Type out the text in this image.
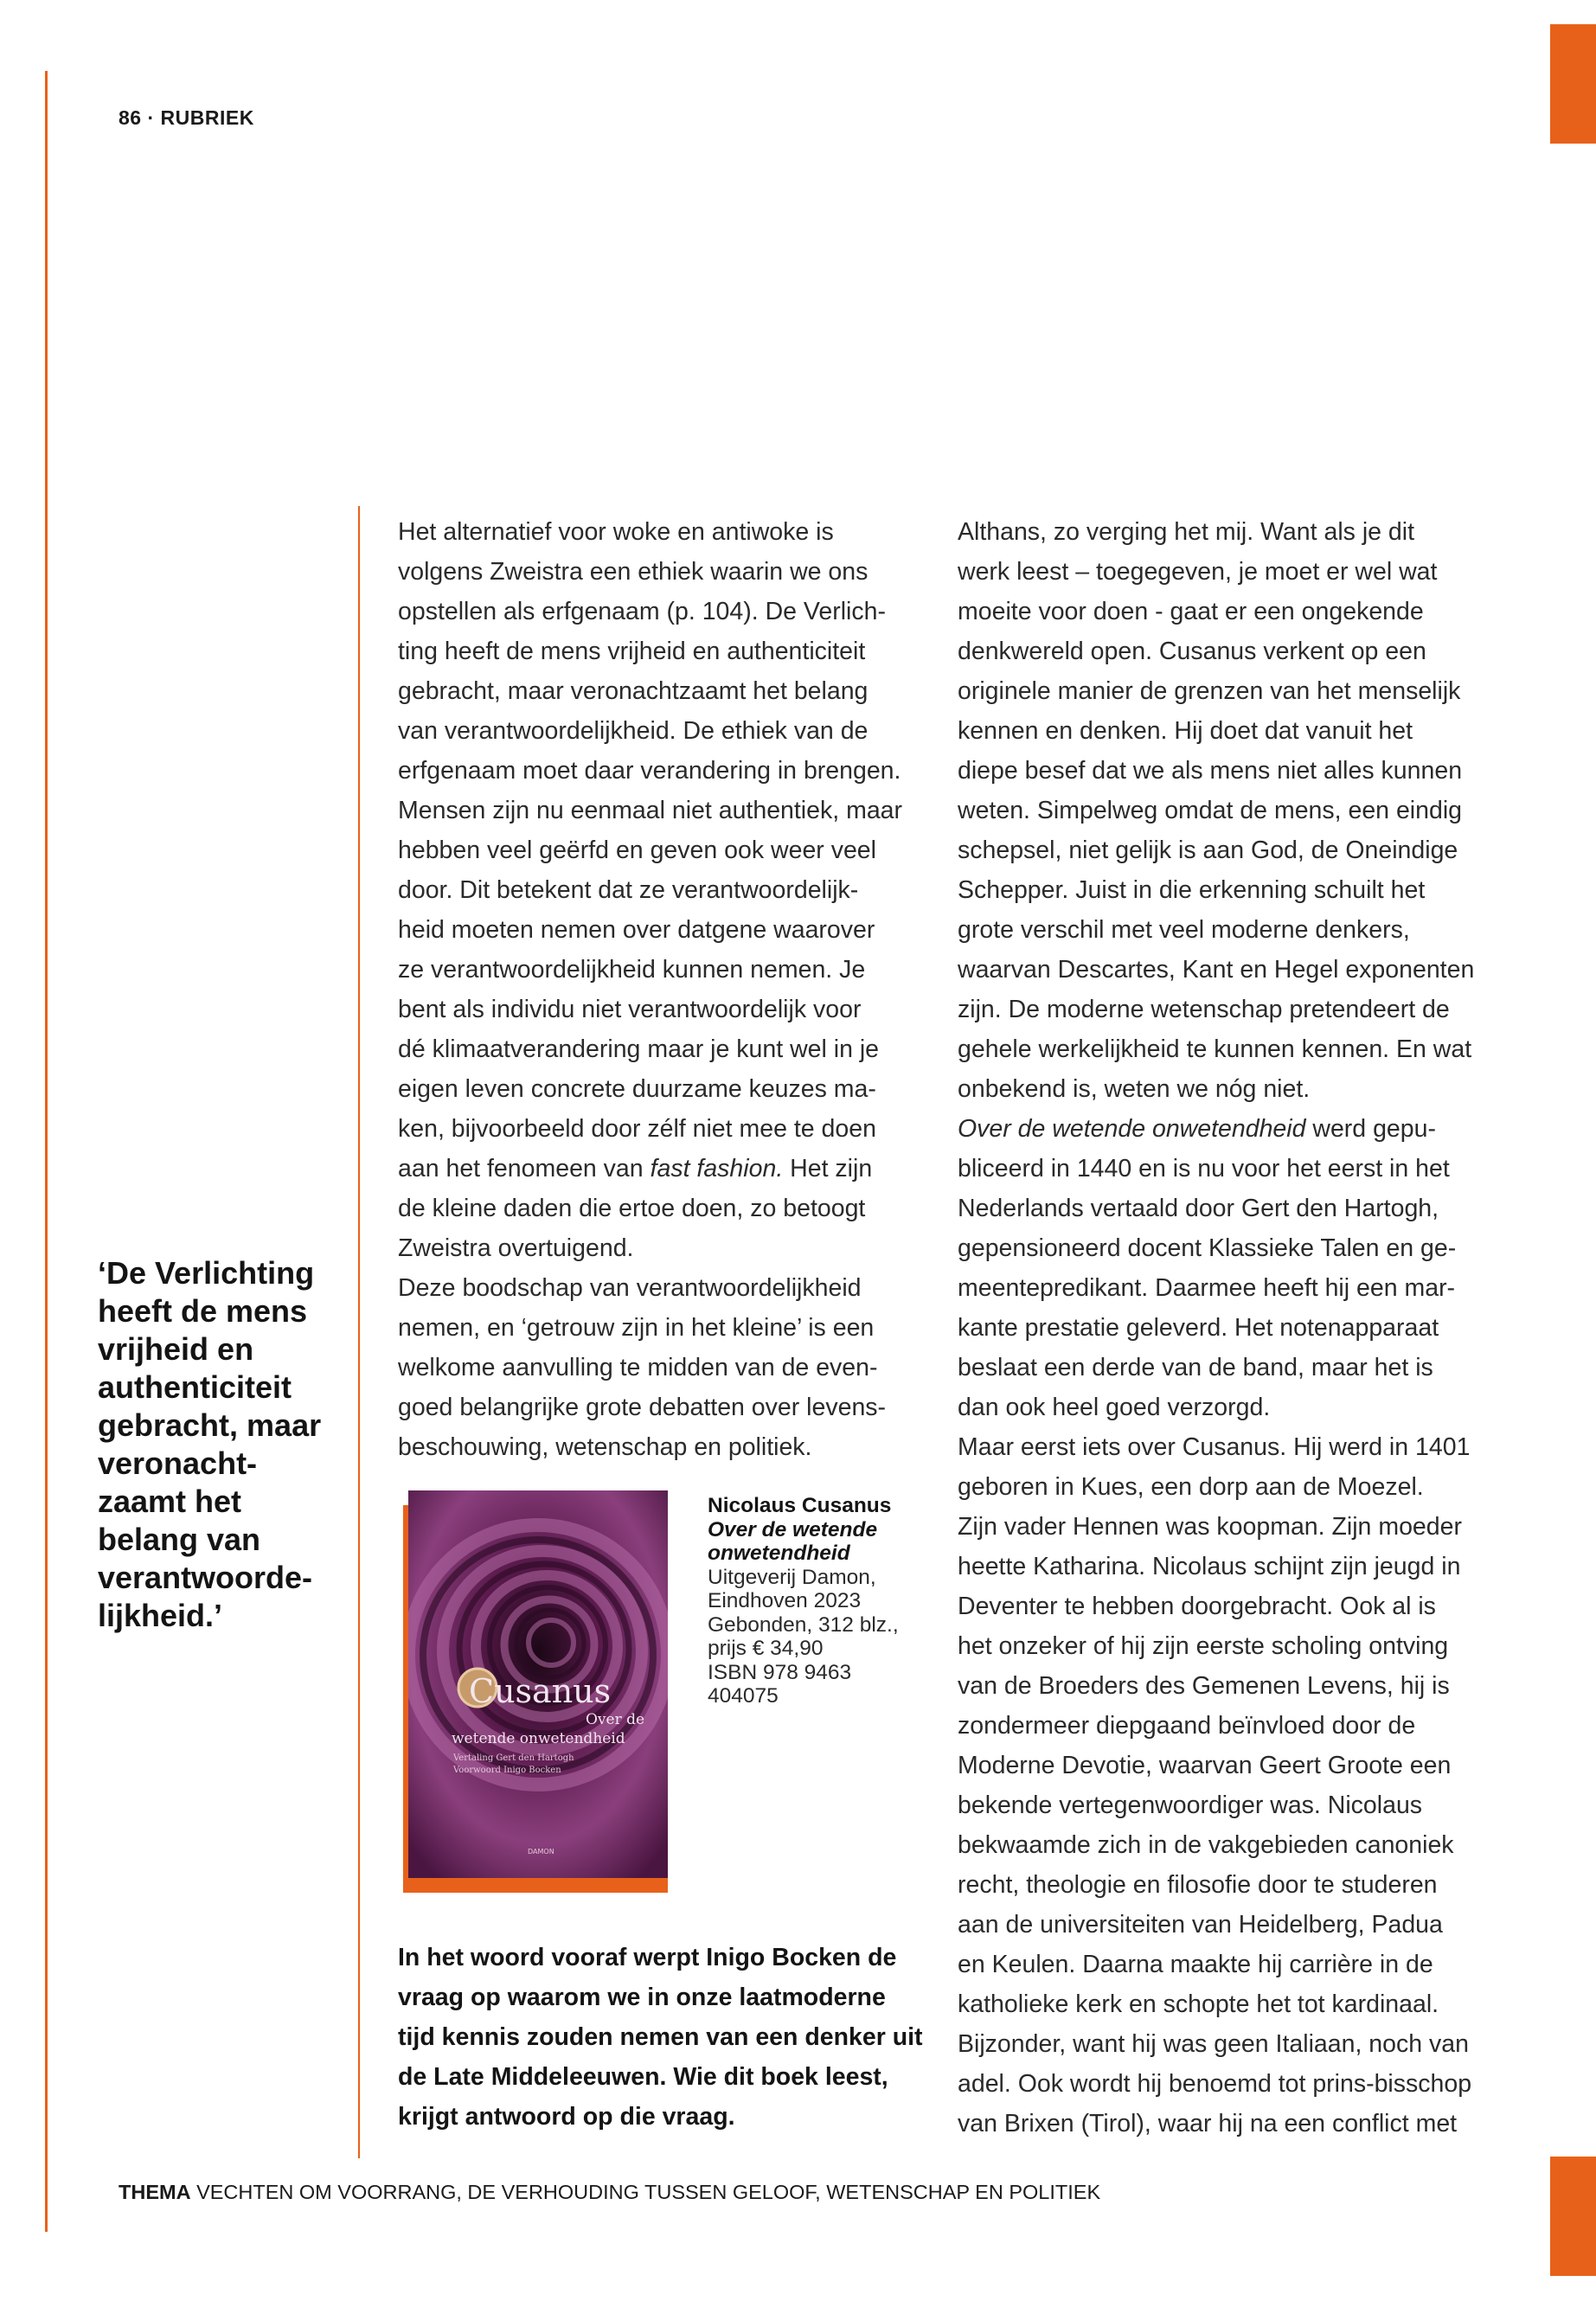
86 · RUBRIEK
‘De Verlichting
heeft de mens
vrijheid en
authenticiteit
gebracht, maar
veronacht-
zaamt het
belang van
verantwoorde-
lijkheid.’
Het alternatief voor woke en antiwoke is
volgens Zweistra een ethiek waarin we ons
opstellen als erfgenaam (p. 104). De Verlich-
ting heeft de mens vrijheid en authenticiteit
gebracht, maar veronachtzaamt het belang
van verantwoordelijkheid. De ethiek van de
erfgenaam moet daar verandering in brengen.
Mensen zijn nu eenmaal niet authentiek, maar
hebben veel geërfd en geven ook weer veel
door. Dit betekent dat ze verantwoordelijk-
heid moeten nemen over datgene waarover
ze verantwoordelijkheid kunnen nemen. Je
bent als individu niet verantwoordelijk voor
dé klimaatverandering maar je kunt wel in je
eigen leven concrete duurzame keuzes ma-
ken, bijvoorbeeld door zélf niet mee te doen
aan het fenomeen van fast fashion. Het zijn
de kleine daden die ertoe doen, zo betoogt
Zweistra overtuigend.
Deze boodschap van verantwoordelijkheid
nemen, en ‘getrouw zijn in het kleine’ is een
welkome aanvulling te midden van de even-
goed belangrijke grote debatten over levens-
beschouwing, wetenschap en politiek.
Cusanus
Over de
wetende onwetendheid
Vertaling Gert den Hartogh
Voorwoord Inigo Bocken
DAMON
Nicolaus Cusanus
Over de wetende
onwetendheid
Uitgeverij Damon,
Eindhoven 2023
Gebonden, 312 blz.,
prijs € 34,90
ISBN 978 9463
404075
In het woord vooraf werpt Inigo Bocken de
vraag op waarom we in onze laatmoderne
tijd kennis zouden nemen van een denker uit
de Late Middeleeuwen. Wie dit boek leest,
krijgt antwoord op die vraag.
Althans, zo verging het mij. Want als je dit
werk leest – toegegeven, je moet er wel wat
moeite voor doen - gaat er een ongekende
denkwereld open. Cusanus verkent op een
originele manier de grenzen van het menselijk
kennen en denken. Hij doet dat vanuit het
diepe besef dat we als mens niet alles kunnen
weten. Simpelweg omdat de mens, een eindig
schepsel, niet gelijk is aan God, de Oneindige
Schepper. Juist in die erkenning schuilt het
grote verschil met veel moderne denkers,
waarvan Descartes, Kant en Hegel exponenten
zijn. De moderne wetenschap pretendeert de
gehele werkelijkheid te kunnen kennen. En wat
onbekend is, weten we nóg niet.
Over de wetende onwetendheid werd gepu-
bliceerd in 1440 en is nu voor het eerst in het
Nederlands vertaald door Gert den Hartogh,
gepensioneerd docent Klassieke Talen en ge-
meentepredikant. Daarmee heeft hij een mar-
kante prestatie geleverd. Het notenapparaat
beslaat een derde van de band, maar het is
dan ook heel goed verzorgd.
Maar eerst iets over Cusanus. Hij werd in 1401
geboren in Kues, een dorp aan de Moezel.
Zijn vader Hennen was koopman. Zijn moeder
heette Katharina. Nicolaus schijnt zijn jeugd in
Deventer te hebben doorgebracht. Ook al is
het onzeker of hij zijn eerste scholing ontving
van de Broeders des Gemenen Levens, hij is
zondermeer diepgaand beïnvloed door de
Moderne Devotie, waarvan Geert Groote een
bekende vertegenwoordiger was. Nicolaus
bekwaamde zich in de vakgebieden canoniek
recht, theologie en filosofie door te studeren
aan de universiteiten van Heidelberg, Padua
en Keulen. Daarna maakte hij carrière in de
katholieke kerk en schopte het tot kardinaal.
Bijzonder, want hij was geen Italiaan, noch van
adel. Ook wordt hij benoemd tot prins-bisschop
van Brixen (Tirol), waar hij na een conflict met
THEMA VECHTEN OM VOORRANG, DE VERHOUDING TUSSEN GELOOF, WETENSCHAP EN POLITIEK
